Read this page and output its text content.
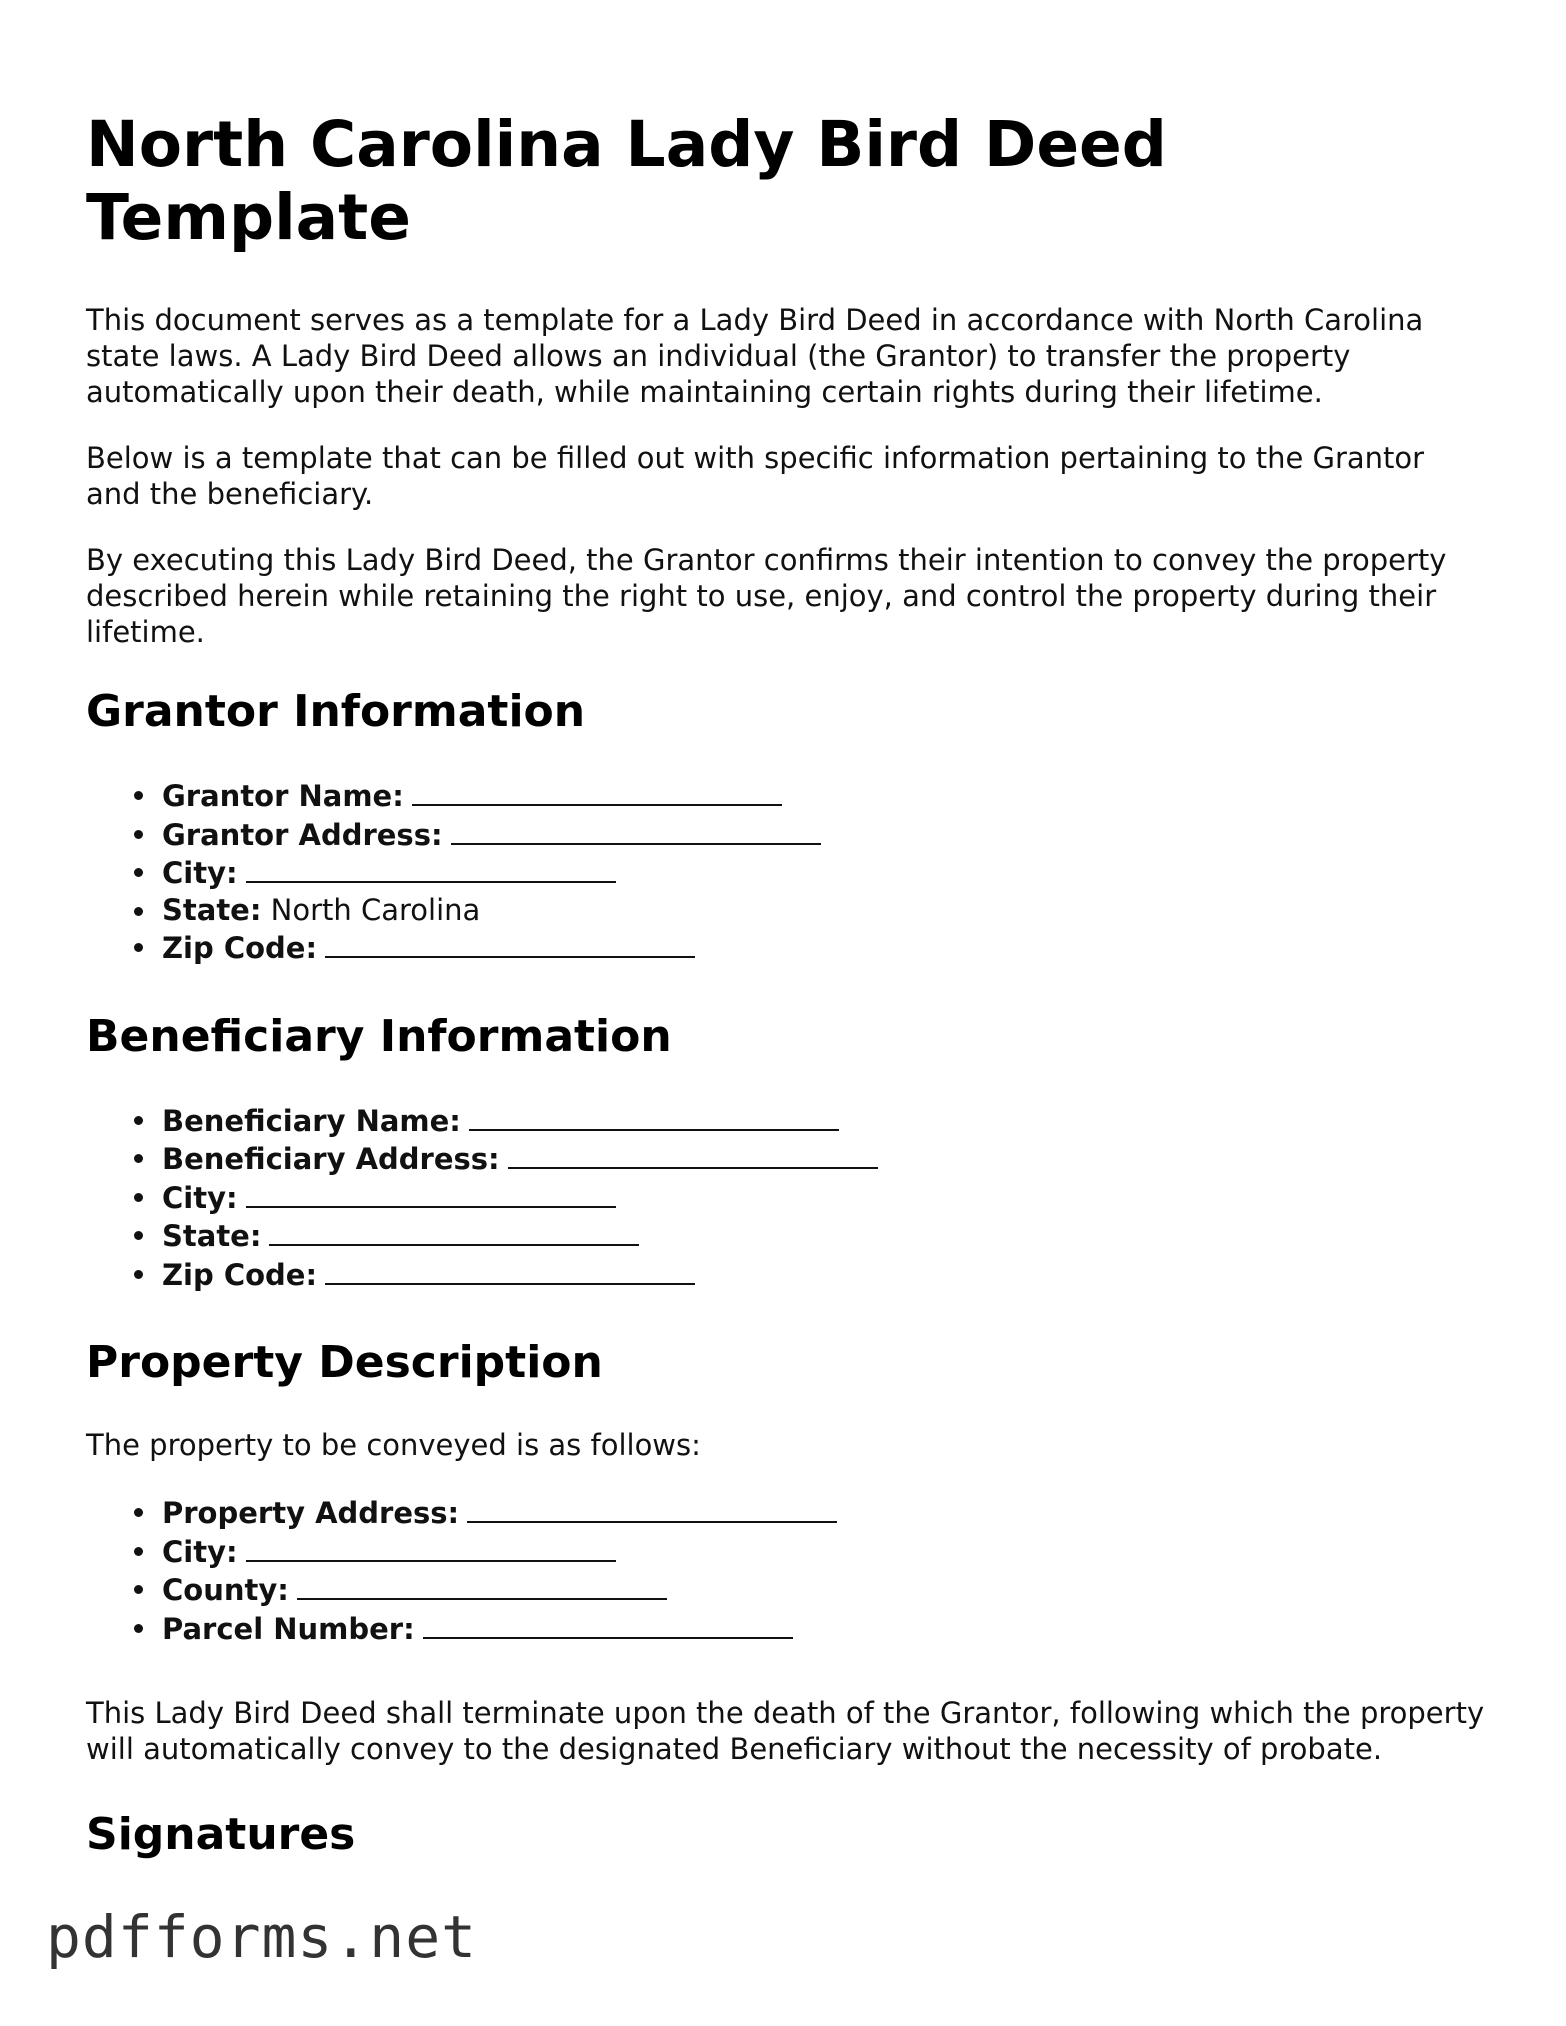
North Carolina Lady Bird Deed Template

This document serves as a template for a Lady Bird Deed in accordance with North Carolina state laws. A Lady Bird Deed allows an individual (the Grantor) to transfer the property automatically upon their death, while maintaining certain rights during their lifetime.

Below is a template that can be filled out with specific information pertaining to the Grantor and the beneficiary.

By executing this Lady Bird Deed, the Grantor confirms their intention to convey the property described herein while retaining the right to use, enjoy, and control the property during their lifetime.

Grantor Information
Grantor Name:
Grantor Address:
City:
State: North Carolina
Zip Code:
Beneficiary Information
Beneficiary Name:
Beneficiary Address:
City:
State:
Zip Code:
Property Description

The property to be conveyed is as follows:

Property Address:
City:
County:
Parcel Number:

This Lady Bird Deed shall terminate upon the death of the Grantor, following which the property will automatically convey to the designated Beneficiary without the necessity of probate.

Signatures
pdfforms.net
